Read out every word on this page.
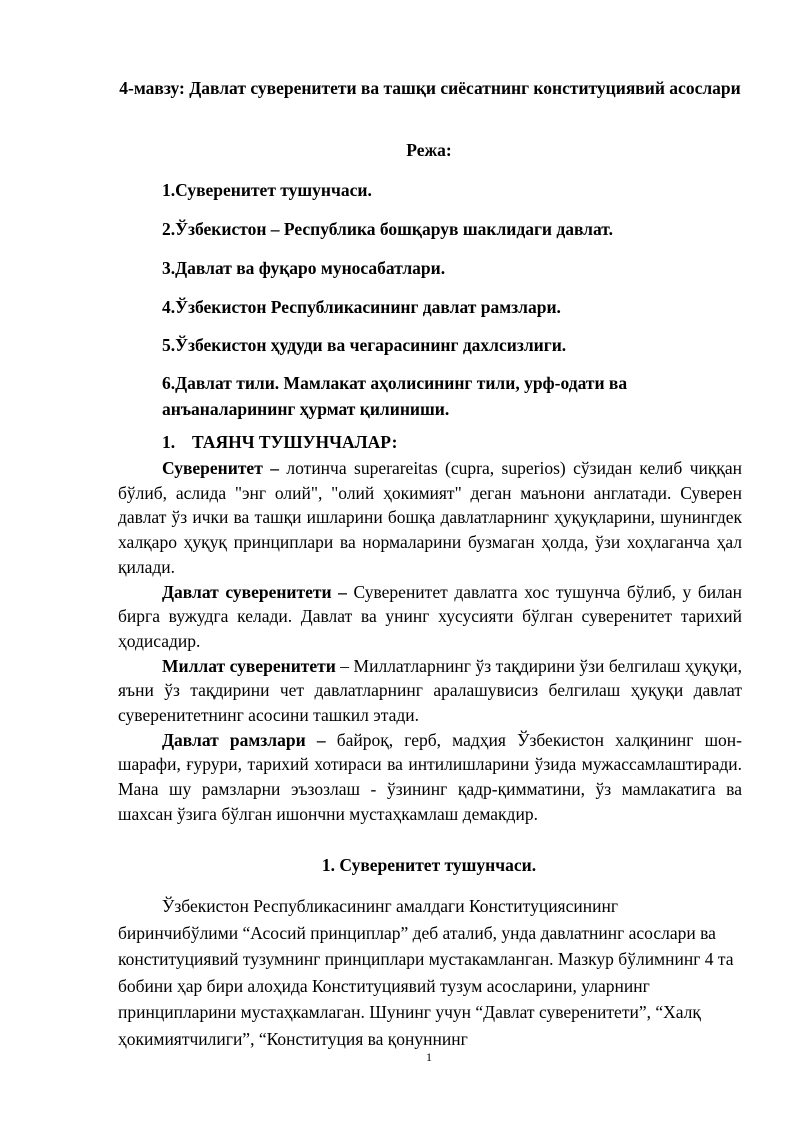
4-мавзу: Давлат суверенитети ва ташқи сиёсатнинг конституциявий асослари
Режа:
1.Суверенитет тушунчаси.
2.Ўзбекистон – Республика бошқарув шаклидаги давлат.
3.Давлат ва фуқаро муносабатлари.
4.Ўзбекистон Республикасининг давлат рамзлари.
5.Ўзбекистон ҳудуди ва чегарасининг дахлсизлиги.
6.Давлат тили. Мамлакат аҳолисининг тили, урф-одати ва анъаналарининг ҳурмат қилиниши.
1. ТАЯНЧ ТУШУНЧАЛАР:

Суверенитет – лотинча superareitas (cupra, superios) сўзидан келиб чиққан бўлиб, аслида "энг олий", "олий ҳокимият" деган маънони англатади. Суверен давлат ўз ички ва ташқи ишларини бошқа давлатларнинг ҳуқуқларини, шунингдек халқаро ҳуқуқ принциплари ва нормаларини бузмаган ҳолда, ўзи хоҳлаганча ҳал қилади.

Давлат суверенитети – Суверенитет давлатга хос тушунча бўлиб, у билан бирга вужудга келади. Давлат ва унинг хусусияти бўлган суверенитет тарихий ҳодисадир.

Миллат суверенитети – Миллатларнинг ўз тақдирини ўзи белгилаш ҳуқуқи, яъни ўз тақдирини чет давлатларнинг аралашувисиз белгилаш ҳуқуқи давлат суверенитетнинг асосини ташкил этади.

Давлат рамзлари – байроқ, герб, мадҳия Ўзбекистон халқининг шон-шарафи, ғурури, тарихий хотираси ва интилишларини ўзида мужассамлаштиради. Мана шу рамзларни эъзозлаш - ўзининг қадр-қимматини, ўз мамлакатига ва шахсан ўзига бўлган ишончни мустаҳкамлаш демакдир.

1. Суверенитет тушунчаси.

Ўзбекистон Республикасининг амалдаги Конституциясининг биринчибўлими “Асосий принциплар” деб аталиб, унда давлатнинг асослари ва конституциявий тузумнинг принциплари мустакамланган. Мазкур бўлимнинг 4 та бобини ҳар бири алоҳида Конституциявий тузум асосларини, уларнинг принципларини мустаҳкамлаган. Шунинг учун “Давлат суверенитети”, “Халқ ҳокимиятчилиги”, “Конституция ва қонуннинг

1
